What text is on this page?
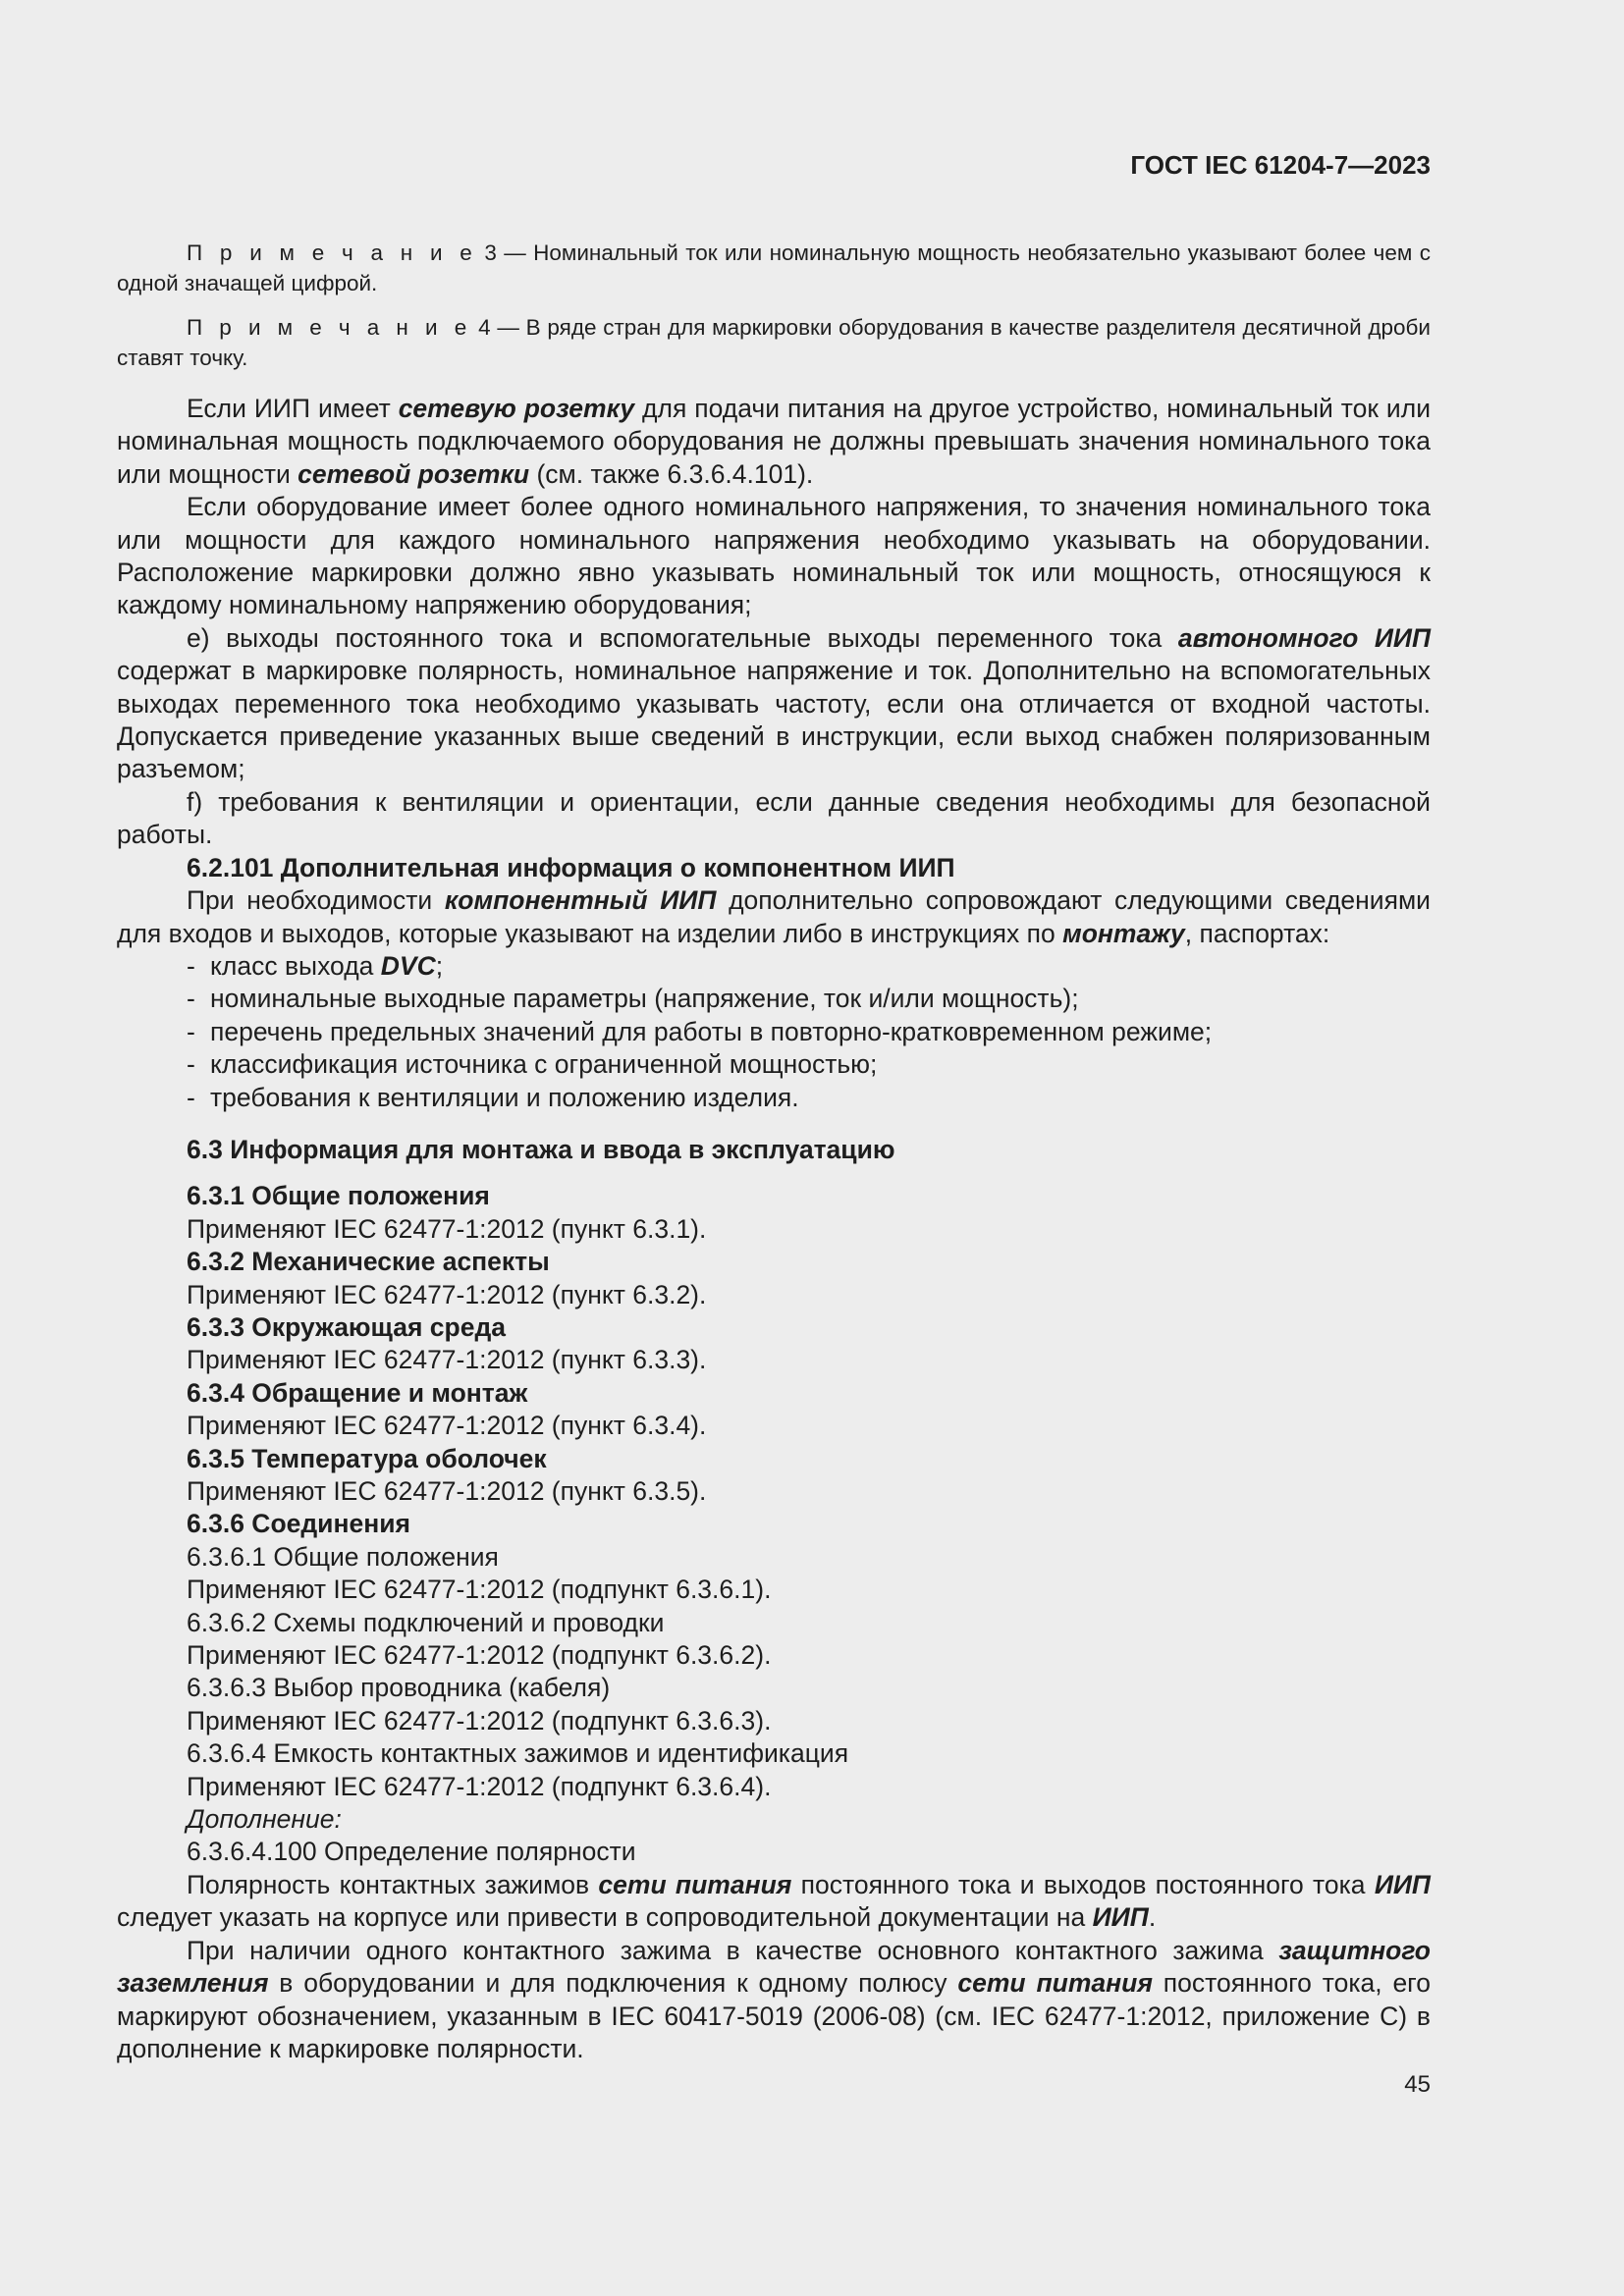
ГОСТ IEC 61204-7—2023

П р и м е ч а н и е 3 — Номинальный ток или номинальную мощность необязательно указывают более чем с одной значащей цифрой.

П р и м е ч а н и е 4 — В ряде стран для маркировки оборудования в качестве разделителя десятичной дроби ставят точку.

Если ИИП имеет сетевую розетку для подачи питания на другое устройство, номинальный ток или номинальная мощность подключаемого оборудования не должны превышать значения номинального тока или мощности сетевой розетки (см. также 6.3.6.4.101).

Если оборудование имеет более одного номинального напряжения, то значения номинального тока или мощности для каждого номинального напряжения необходимо указывать на оборудовании. Расположение маркировки должно явно указывать номинальный ток или мощность, относящуюся к каждому номинальному напряжению оборудования;

e) выходы постоянного тока и вспомогательные выходы переменного тока автономного ИИП содержат в маркировке полярность, номинальное напряжение и ток. Дополнительно на вспомогательных выходах переменного тока необходимо указывать частоту, если она отличается от входной частоты. Допускается приведение указанных выше сведений в инструкции, если выход снабжен поляризованным разъемом;

f) требования к вентиляции и ориентации, если данные сведения необходимы для безопасной работы.

6.2.101 Дополнительная информация о компонентном ИИП

При необходимости компонентный ИИП дополнительно сопровождают следующими сведениями для входов и выходов, которые указывают на изделии либо в инструкциях по монтажу, паспортах:

- класс выхода DVC;

- номинальные выходные параметры (напряжение, ток и/или мощность);

- перечень предельных значений для работы в повторно-кратковременном режиме;

- классификация источника с ограниченной мощностью;

- требования к вентиляции и положению изделия.

6.3 Информация для монтажа и ввода в эксплуатацию

6.3.1 Общие положения

Применяют IEC 62477-1:2012 (пункт 6.3.1).

6.3.2 Механические аспекты

Применяют IEC 62477-1:2012 (пункт 6.3.2).

6.3.3 Окружающая среда

Применяют IEC 62477-1:2012 (пункт 6.3.3).

6.3.4 Обращение и монтаж

Применяют IEC 62477-1:2012 (пункт 6.3.4).

6.3.5 Температура оболочек

Применяют IEC 62477-1:2012 (пункт 6.3.5).

6.3.6 Соединения

6.3.6.1 Общие положения

Применяют IEC 62477-1:2012 (подпункт 6.3.6.1).

6.3.6.2 Схемы подключений и проводки

Применяют IEC 62477-1:2012 (подпункт 6.3.6.2).

6.3.6.3 Выбор проводника (кабеля)

Применяют IEC 62477-1:2012 (подпункт 6.3.6.3).

6.3.6.4 Емкость контактных зажимов и идентификация

Применяют IEC 62477-1:2012 (подпункт 6.3.6.4).

Дополнение:

6.3.6.4.100 Определение полярности

Полярность контактных зажимов сети питания постоянного тока и выходов постоянного тока ИИП следует указать на корпусе или привести в сопроводительной документации на ИИП.

При наличии одного контактного зажима в качестве основного контактного зажима защитного заземления в оборудовании и для подключения к одному полюсу сети питания постоянного тока, его маркируют обозначением, указанным в IEC 60417-5019 (2006-08) (см. IEC 62477-1:2012, приложение C) в дополнение к маркировке полярности.

45
